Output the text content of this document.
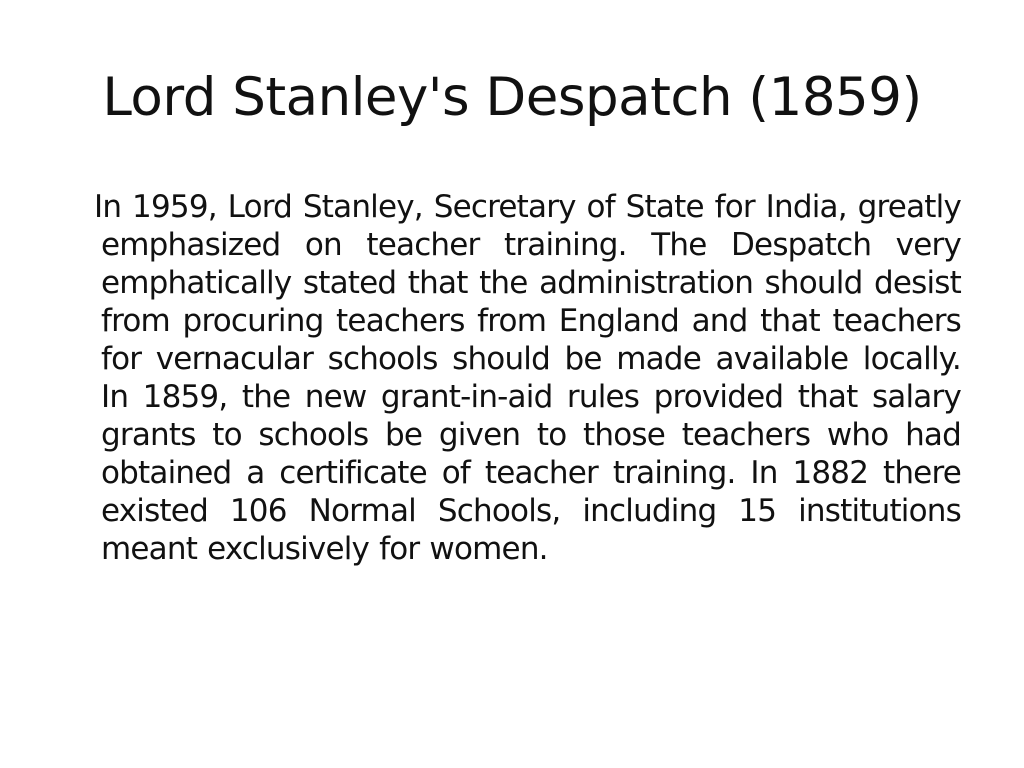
Lord Stanley's Despatch (1859)

In 1959, Lord Stanley, Secretary of State for India, greatly emphasized on teacher training. The Despatch very emphatically stated that the administration should desist from procuring teachers from England and that teachers for vernacular schools should be made available locally. In 1859, the new grant-in-aid rules provided that salary grants to schools be given to those teachers who had obtained a certificate of teacher training. In 1882 there existed 106 Normal Schools, including 15 institutions meant exclusively for women.
